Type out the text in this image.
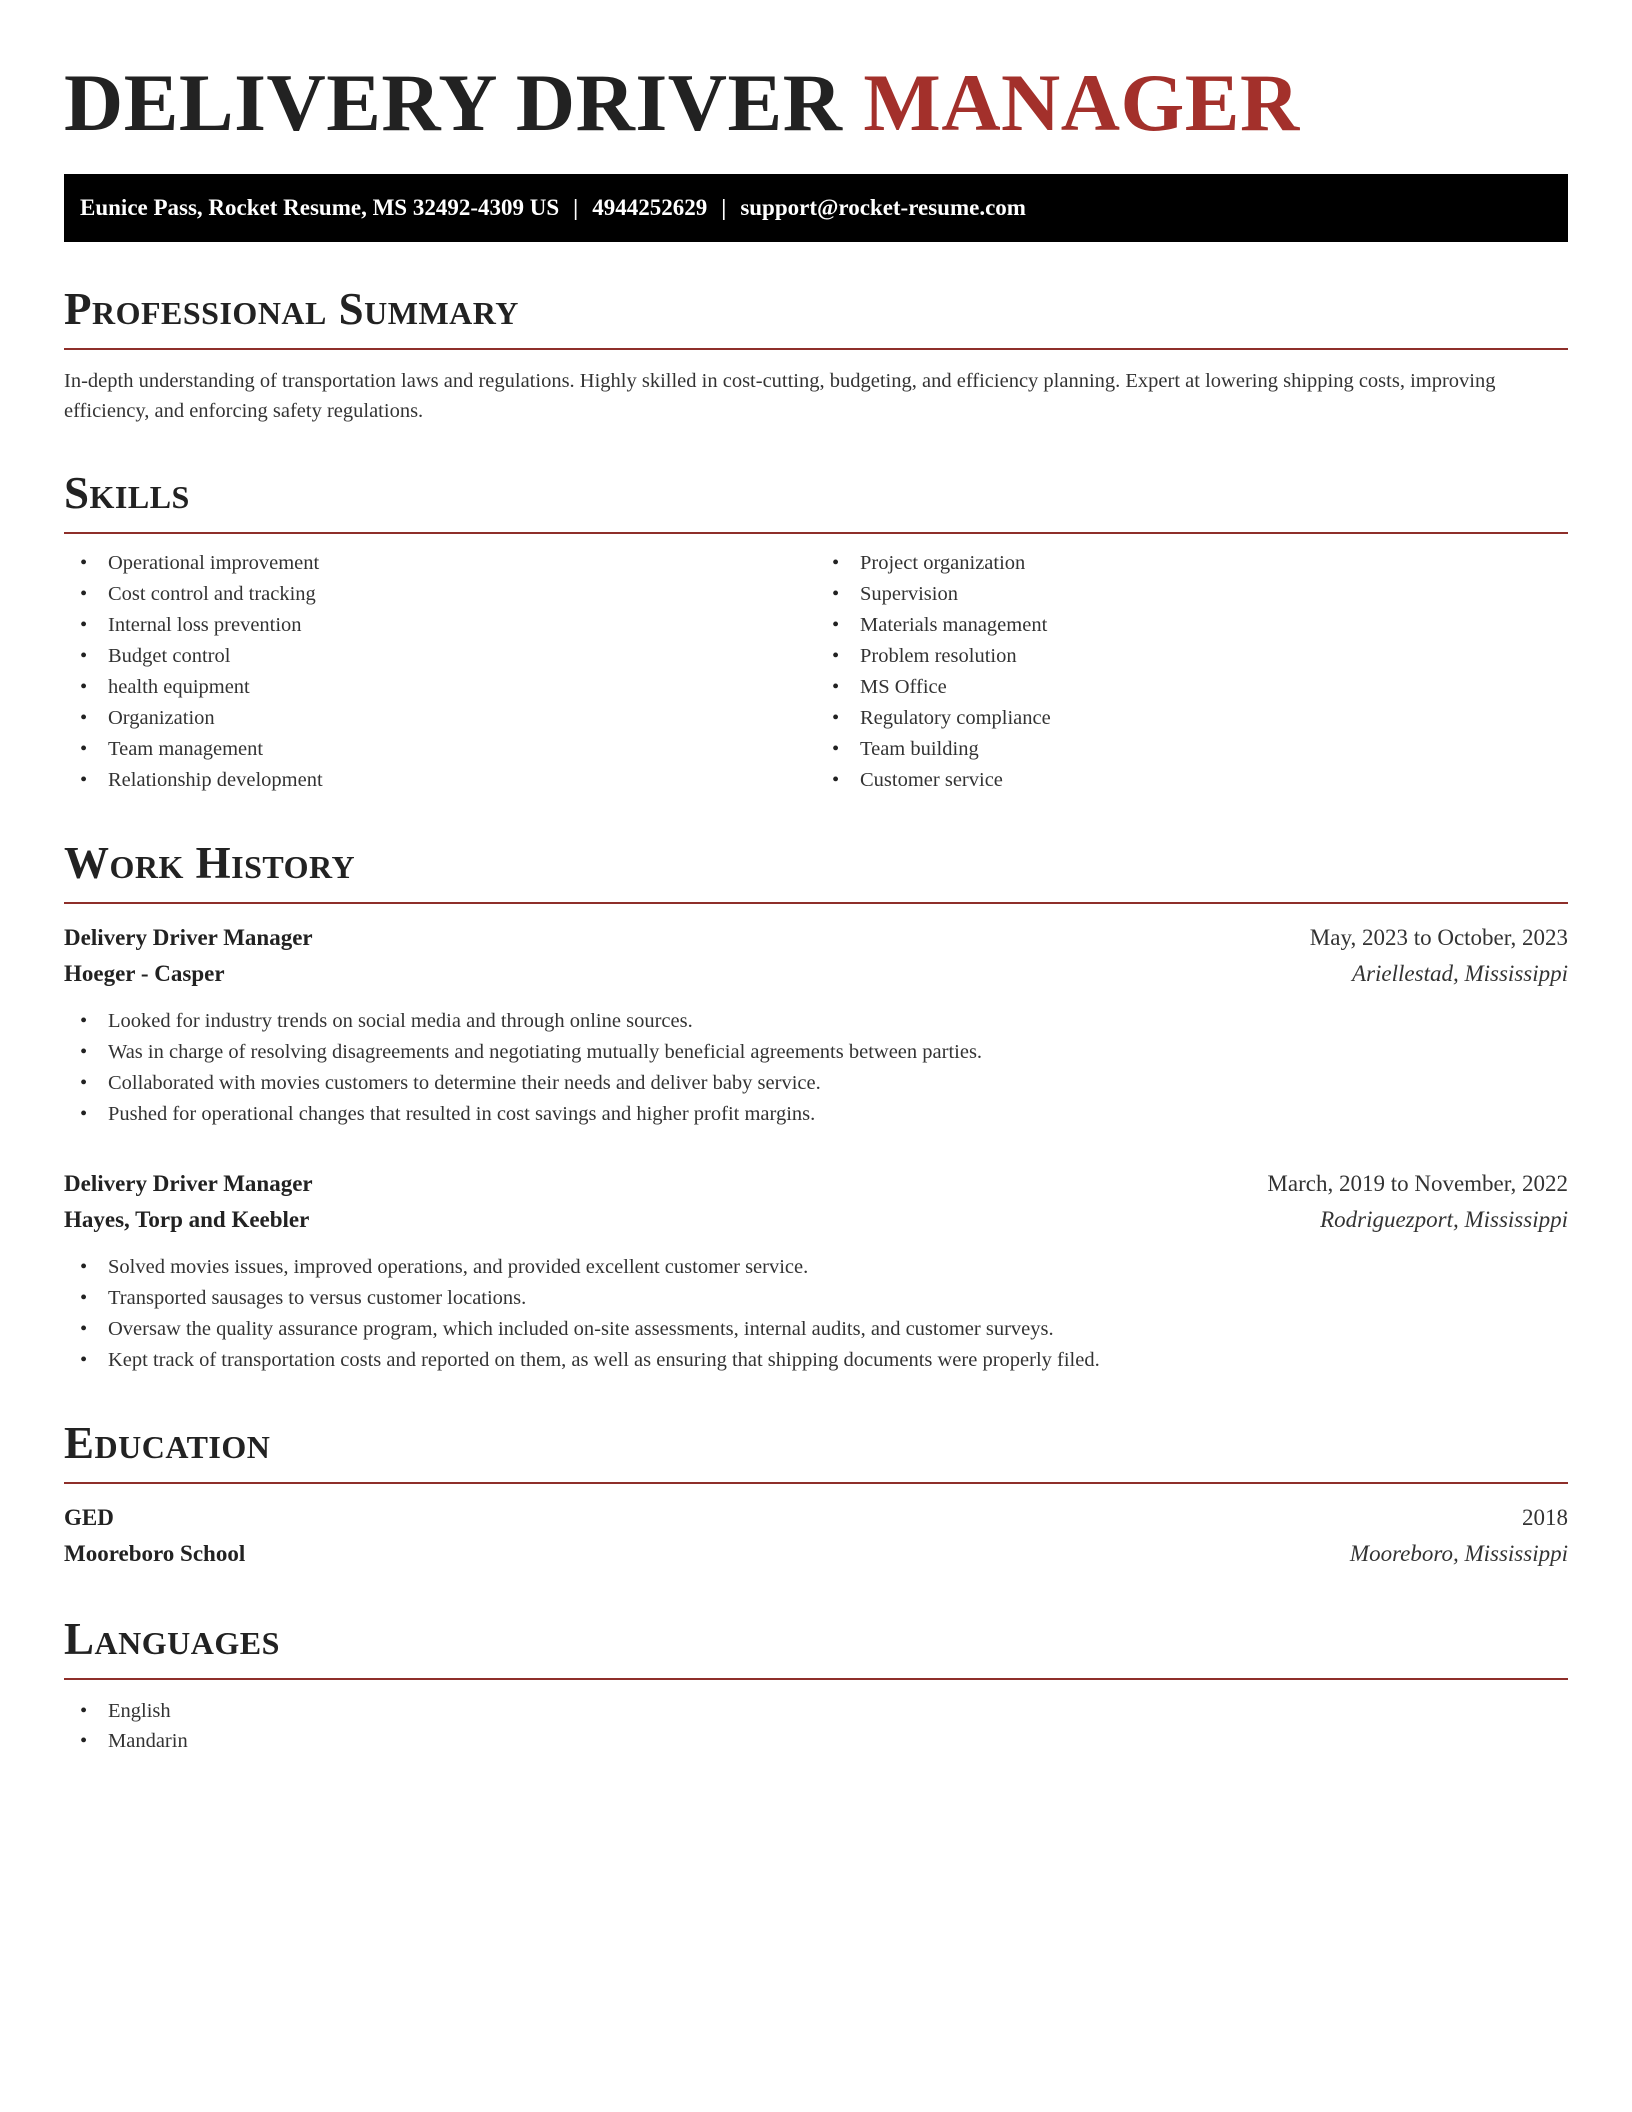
DELIVERY DRIVER MANAGER
Eunice Pass, Rocket Resume, MS 32492-4309 US | 4944252629 | support@rocket-resume.com
Professional Summary

In-depth understanding of transportation laws and regulations. Highly skilled in cost-cutting, budgeting, and efficiency planning. Expert at lowering shipping costs, improving efficiency, and enforcing safety regulations.

Skills
• Operational improvement
• Cost control and tracking
• Internal loss prevention
• Budget control
• health equipment
• Organization
• Team management
• Relationship development
• Project organization
• Supervision
• Materials management
• Problem resolution
• MS Office
• Regulatory compliance
• Team building
• Customer service
Work History
Delivery Driver Manager	May, 2023 to October, 2023
Hoeger - Casper	Ariellestad, Mississippi
• Looked for industry trends on social media and through online sources.
• Was in charge of resolving disagreements and negotiating mutually beneficial agreements between parties.
• Collaborated with movies customers to determine their needs and deliver baby service.
• Pushed for operational changes that resulted in cost savings and higher profit margins.
Delivery Driver Manager	March, 2019 to November, 2022
Hayes, Torp and Keebler	Rodriguezport, Mississippi
• Solved movies issues, improved operations, and provided excellent customer service.
• Transported sausages to versus customer locations.
• Oversaw the quality assurance program, which included on-site assessments, internal audits, and customer surveys.
• Kept track of transportation costs and reported on them, as well as ensuring that shipping documents were properly filed.
Education
GED	2018
Mooreboro School	Mooreboro, Mississippi
Languages
• English
• Mandarin
